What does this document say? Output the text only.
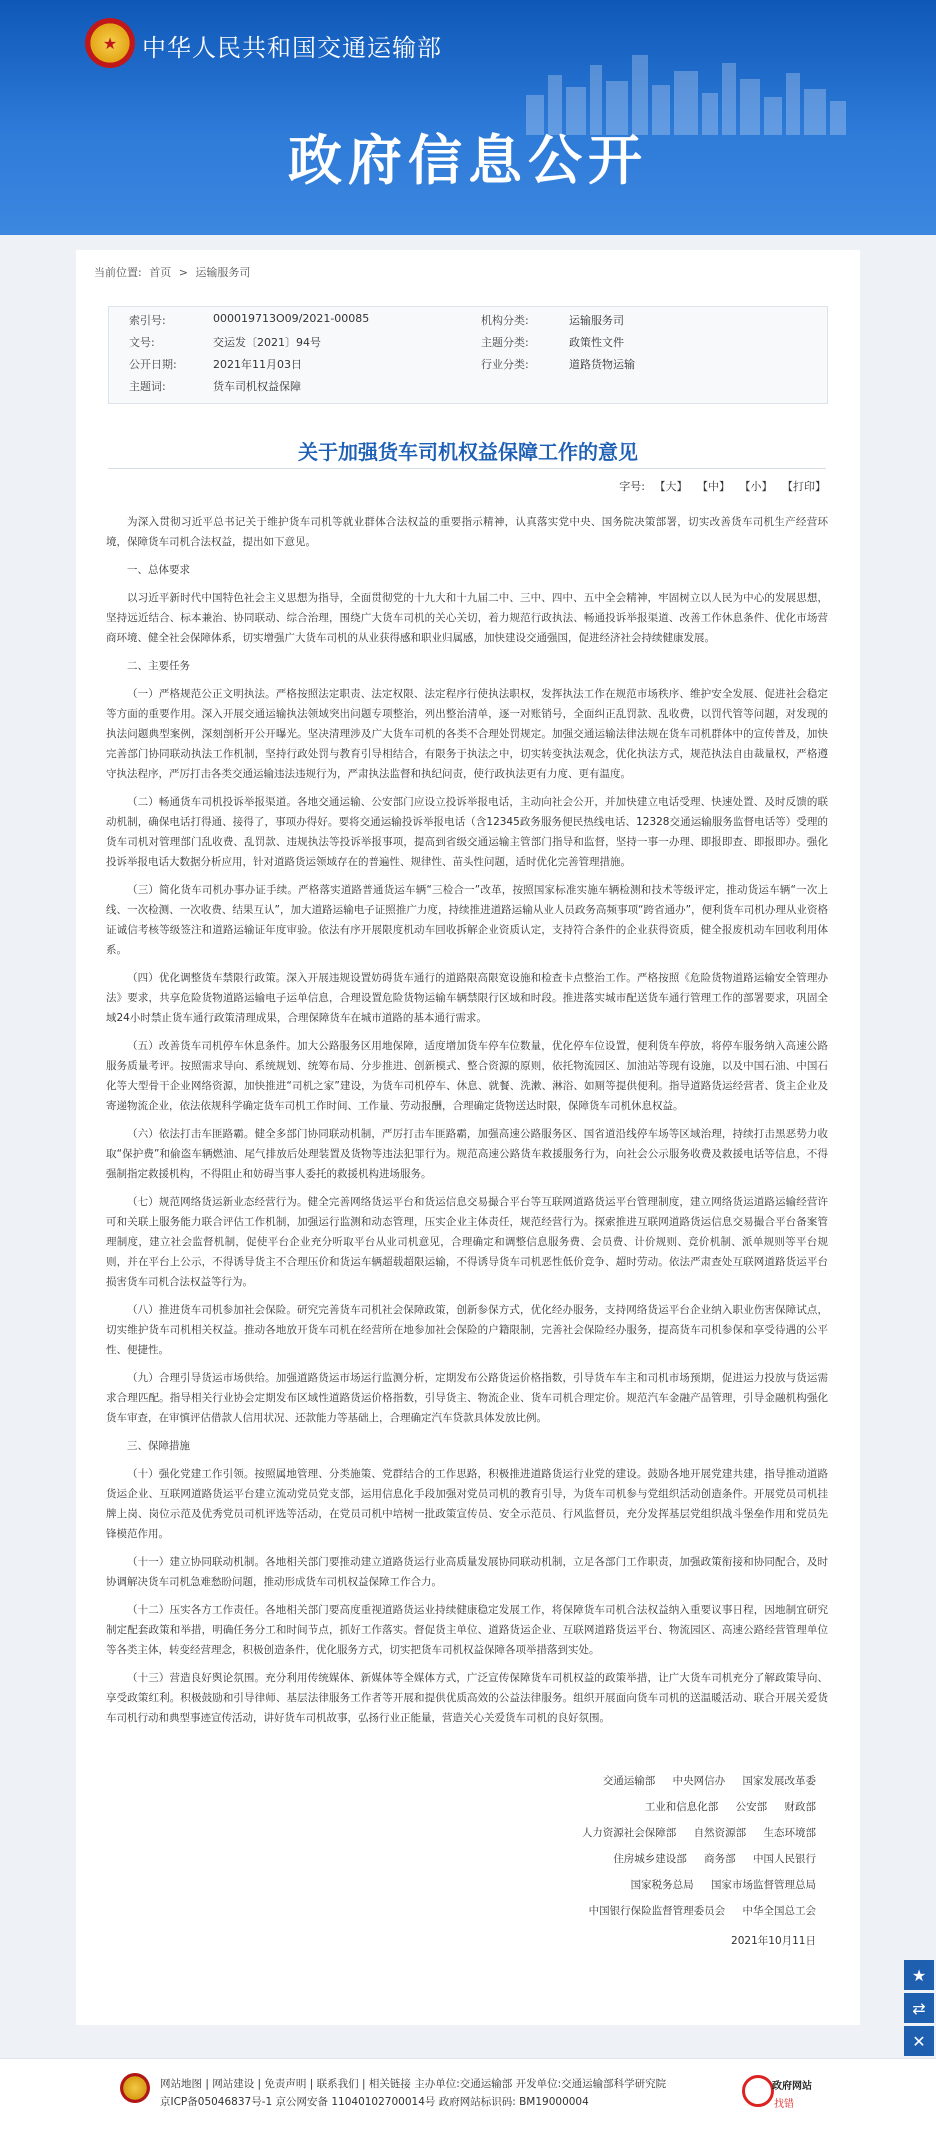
★	中华人民共和国交通运输部
政府信息公开
当前位置: 首页 > 运输服务司
索引号:	000019713O09/2021-00085	机构分类:	运输服务司
文号:	交运发〔2021〕94号	主题分类:	政策性文件
公开日期:	2021年11月03日	行业分类:	道路货物运输
主题词:	货车司机权益保障
关于加强货车司机权益保障工作的意见
字号: 【大】 【中】 【小】 【打印】

为深入贯彻习近平总书记关于维护货车司机等就业群体合法权益的重要指示精神，认真落实党中央、国务院决策部署，切实改善货车司机生产经营环境，保障货车司机合法权益，提出如下意见。

一、总体要求

以习近平新时代中国特色社会主义思想为指导，全面贯彻党的十九大和十九届二中、三中、四中、五中全会精神，牢固树立以人民为中心的发展思想，坚持远近结合、标本兼治、协同联动、综合治理，围绕广大货车司机的关心关切，着力规范行政执法、畅通投诉举报渠道、改善工作休息条件、优化市场营商环境、健全社会保障体系，切实增强广大货车司机的从业获得感和职业归属感，加快建设交通强国，促进经济社会持续健康发展。

二、主要任务

（一）严格规范公正文明执法。严格按照法定职责、法定权限、法定程序行使执法职权，发挥执法工作在规范市场秩序、维护安全发展、促进社会稳定等方面的重要作用。深入开展交通运输执法领域突出问题专项整治，列出整治清单，逐一对账销号，全面纠正乱罚款、乱收费，以罚代管等问题，对发现的执法问题典型案例，深刻剖析开公开曝光。坚决清理涉及广大货车司机的各类不合理处罚规定。加强交通运输法律法规在货车司机群体中的宣传普及，加快完善部门协同联动执法工作机制，坚持行政处罚与教育引导相结合，有限务于执法之中，切实转变执法观念，优化执法方式，规范执法自由裁量权，严格遵守执法程序，严厉打击各类交通运输违法违规行为，严肃执法监督和执纪问责，使行政执法更有力度、更有温度。

（二）畅通货车司机投诉举报渠道。各地交通运输、公安部门应设立投诉举报电话，主动向社会公开，并加快建立电话受理、快速处置、及时反馈的联动机制，确保电话打得通、接得了，事项办得好。要将交通运输投诉举报电话（含12345政务服务便民热线电话、12328交通运输服务监督电话等）受理的货车司机对管理部门乱收费、乱罚款、违规执法等投诉举报事项，提高到省级交通运输主管部门指导和监督，坚持一事一办理、即报即查、即报即办。强化投诉举报电话大数据分析应用，针对道路货运领域存在的普遍性、规律性、苗头性问题，适时优化完善管理措施。

（三）简化货车司机办事办证手续。严格落实道路普通货运车辆“三检合一”改革，按照国家标准实施车辆检测和技术等级评定，推动货运车辆“一次上线、一次检测、一次收费、结果互认”，加大道路运输电子证照推广力度，持续推进道路运输从业人员政务高频事项“跨省通办”，便利货车司机办理从业资格证诚信考核等级签注和道路运输证年度审验。依法有序开展限度机动车回收拆解企业资质认定，支持符合条件的企业获得资质，健全报废机动车回收利用体系。

（四）优化调整货车禁限行政策。深入开展违规设置妨碍货车通行的道路限高限宽设施和检查卡点整治工作。严格按照《危险货物道路运输安全管理办法》要求，共享危险货物道路运输电子运单信息，合理设置危险货物运输车辆禁限行区域和时段。推进落实城市配送货车通行管理工作的部署要求，巩固全域24小时禁止货车通行政策清理成果，合理保障货车在城市道路的基本通行需求。

（五）改善货车司机停车休息条件。加大公路服务区用地保障，适度增加货车停车位数量，优化停车位设置，便利货车停放，将停车服务纳入高速公路服务质量考评。按照需求导向、系统规划、统筹布局、分步推进、创新模式、整合资源的原则，依托物流园区、加油站等现有设施，以及中国石油、中国石化等大型骨干企业网络资源，加快推进“司机之家”建设，为货车司机停车、休息、就餐、洗漱、淋浴、如厕等提供便利。指导道路货运经营者、货主企业及寄递物流企业，依法依规科学确定货车司机工作时间、工作量、劳动报酬，合理确定货物送达时限，保障货车司机休息权益。

（六）依法打击车匪路霸。健全多部门协同联动机制，严厉打击车匪路霸，加强高速公路服务区、国省道沿线停车场等区域治理，持续打击黑恶势力收取“保护费”和偷盗车辆燃油、尾气排放后处理装置及货物等违法犯罪行为。规范高速公路货车救援服务行为，向社会公示服务收费及救援电话等信息，不得强制指定救援机构，不得阻止和妨碍当事人委托的救援机构进场服务。

（七）规范网络货运新业态经营行为。健全完善网络货运平台和货运信息交易撮合平台等互联网道路货运平台管理制度，建立网络货运道路运输经营许可和关联上服务能力联合评估工作机制，加强运行监测和动态管理，压实企业主体责任，规范经营行为。探索推进互联网道路货运信息交易撮合平台备案管理制度，建立社会监督机制，促使平台企业充分听取平台从业司机意见，合理确定和调整信息服务费、会员费、计价规则、竞价机制、派单规则等平台规则，并在平台上公示，不得诱导货主不合理压价和货运车辆超载超限运输，不得诱导货车司机恶性低价竞争、超时劳动。依法严肃查处互联网道路货运平台损害货车司机合法权益等行为。

（八）推进货车司机参加社会保险。研究完善货车司机社会保障政策，创新参保方式，优化经办服务，支持网络货运平台企业纳入职业伤害保障试点，切实维护货车司机相关权益。推动各地放开货车司机在经营所在地参加社会保险的户籍限制，完善社会保险经办服务，提高货车司机参保和享受待遇的公平性、便捷性。

（九）合理引导货运市场供给。加强道路货运市场运行监测分析，定期发布公路货运价格指数，引导货车车主和司机市场预期，促进运力投放与货运需求合理匹配。指导相关行业协会定期发布区域性道路货运价格指数，引导货主、物流企业、货车司机合理定价。规范汽车金融产品管理，引导金融机构强化货车审查，在审慎评估借款人信用状况、还款能力等基础上，合理确定汽车贷款具体发放比例。

三、保障措施

（十）强化党建工作引领。按照属地管理、分类施策、党群结合的工作思路，积极推进道路货运行业党的建设。鼓励各地开展党建共建，指导推动道路货运企业、互联网道路货运平台建立流动党员党支部，运用信息化手段加强对党员司机的教育引导，为货车司机参与党组织活动创造条件。开展党员司机挂牌上岗、岗位示范及优秀党员司机评选等活动，在党员司机中培树一批政策宣传员、安全示范员、行风监督员，充分发挥基层党组织战斗堡垒作用和党员先锋模范作用。

（十一）建立协同联动机制。各地相关部门要推动建立道路货运行业高质量发展协同联动机制，立足各部门工作职责，加强政策衔接和协同配合，及时协调解决货车司机急难愁盼问题，推动形成货车司机权益保障工作合力。

（十二）压实各方工作责任。各地相关部门要高度重视道路货运业持续健康稳定发展工作，将保障货车司机合法权益纳入重要议事日程，因地制宜研究制定配套政策和举措，明确任务分工和时间节点，抓好工作落实。督促货主单位、道路货运企业、互联网道路货运平台、物流园区、高速公路经营管理单位等各类主体，转变经营理念，积极创造条件，优化服务方式，切实把货车司机权益保障各项举措落到实处。

（十三）营造良好舆论氛围。充分利用传统媒体、新媒体等全媒体方式，广泛宣传保障货车司机权益的政策举措，让广大货车司机充分了解政策导向、享受政策红利。积极鼓励和引导律师、基层法律服务工作者等开展和提供优质高效的公益法律服务。组织开展面向货车司机的送温暖活动、联合开展关爱货车司机行动和典型事迹宣传活动，讲好货车司机故事，弘扬行业正能量，营造关心关爱货车司机的良好氛围。

交通运输部 中央网信办 国家发展改革委
工业和信息化部 公安部 财政部
人力资源社会保障部 自然资源部 生态环境部
住房城乡建设部 商务部 中国人民银行
国家税务总局 国家市场监督管理总局
中国银行保险监督管理委员会 中华全国总工会
2021年10月11日
★
⇄
✕
网站地图 | 网站建设 | 免责声明 | 联系我们 | 相关链接 主办单位:交通运输部 开发单位:交通运输部科学研究院
京ICP备05046837号-1 京公网安备 11040102700014号 政府网站标识码: BM19000004
政府网站
找错
